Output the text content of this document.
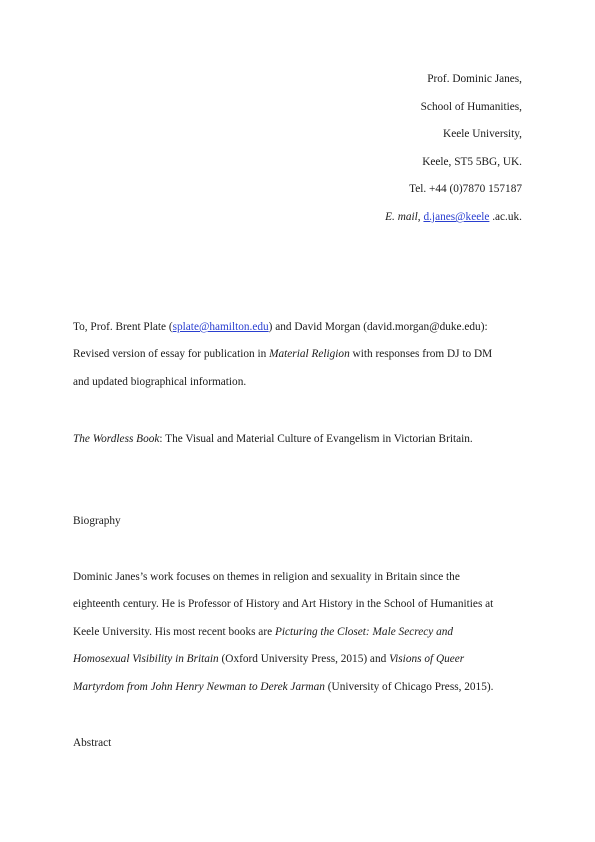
Prof. Dominic Janes,
School of Humanities,
Keele University,
Keele, ST5 5BG, UK.
Tel. +44 (0)7870 157187
E. mail, d.janes@keele .ac.uk.
To, Prof. Brent Plate (splate@hamilton.edu) and David Morgan (david.morgan@duke.edu):
Revised version of essay for publication in Material Religion with responses from DJ to DM
and updated biographical information.
The Wordless Book: The Visual and Material Culture of Evangelism in Victorian Britain.
Biography
Dominic Janes’s work focuses on themes in religion and sexuality in Britain since the
eighteenth century. He is Professor of History and Art History in the School of Humanities at
Keele University. His most recent books are Picturing the Closet: Male Secrecy and
Homosexual Visibility in Britain (Oxford University Press, 2015) and Visions of Queer
Martyrdom from John Henry Newman to Derek Jarman (University of Chicago Press, 2015).
Abstract
